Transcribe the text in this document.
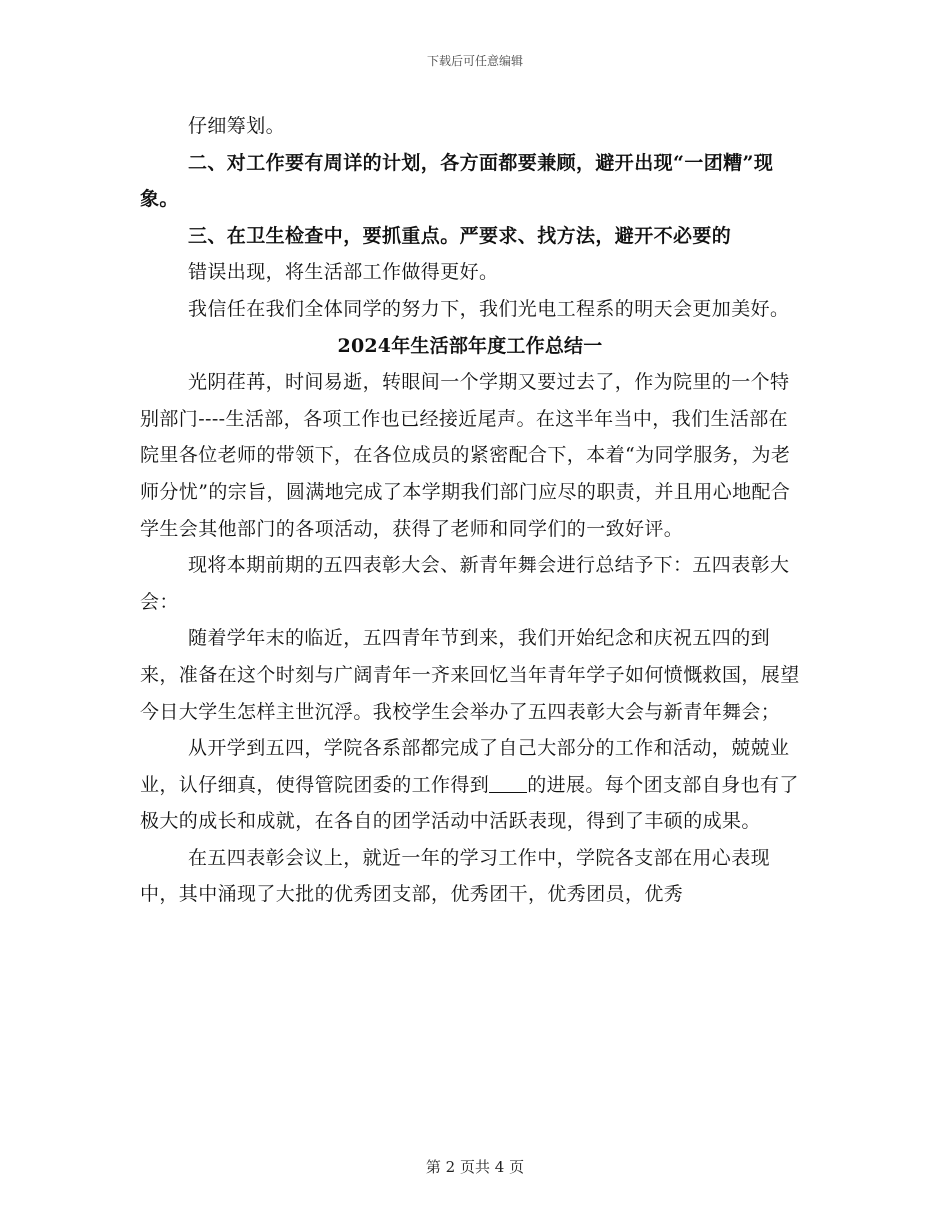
下载后可任意编辑

仔细筹划。

二、对工作要有周详的计划，各方面都要兼顾，避开出现“一团糟”现象。

三、在卫生检查中，要抓重点。严要求、找方法，避开不必要的

错误出现，将生活部工作做得更好。

我信任在我们全体同学的努力下，我们光电工程系的明天会更加美好。

2024年生活部年度工作总结一

光阴荏苒，时间易逝，转眼间一个学期又要过去了，作为院里的一个特别部门----生活部，各项工作也已经接近尾声。在这半年当中，我们生活部在院里各位老师的带领下，在各位成员的紧密配合下，本着“为同学服务，为老师分忧”的宗旨，圆满地完成了本学期我们部门应尽的职责，并且用心地配合学生会其他部门的各项活动，获得了老师和同学们的一致好评。

现将本期前期的五四表彰大会、新青年舞会进行总结予下：五四表彰大会：

随着学年末的临近，五四青年节到来，我们开始纪念和庆祝五四的到来，准备在这个时刻与广阔青年一齐来回忆当年青年学子如何愤慨救国，展望今日大学生怎样主世沉浮。我校学生会举办了五四表彰大会与新青年舞会；

从开学到五四，学院各系部都完成了自己大部分的工作和活动，兢兢业业，认仔细真，使得管院团委的工作得到 的进展。每个团支部自身也有了极大的成长和成就，在各自的团学活动中活跃表现，得到了丰硕的成果。

在五四表彰会议上，就近一年的学习工作中，学院各支部在用心表现中，其中涌现了大批的优秀团支部，优秀团干，优秀团员，优秀

第 2 页共 4 页
